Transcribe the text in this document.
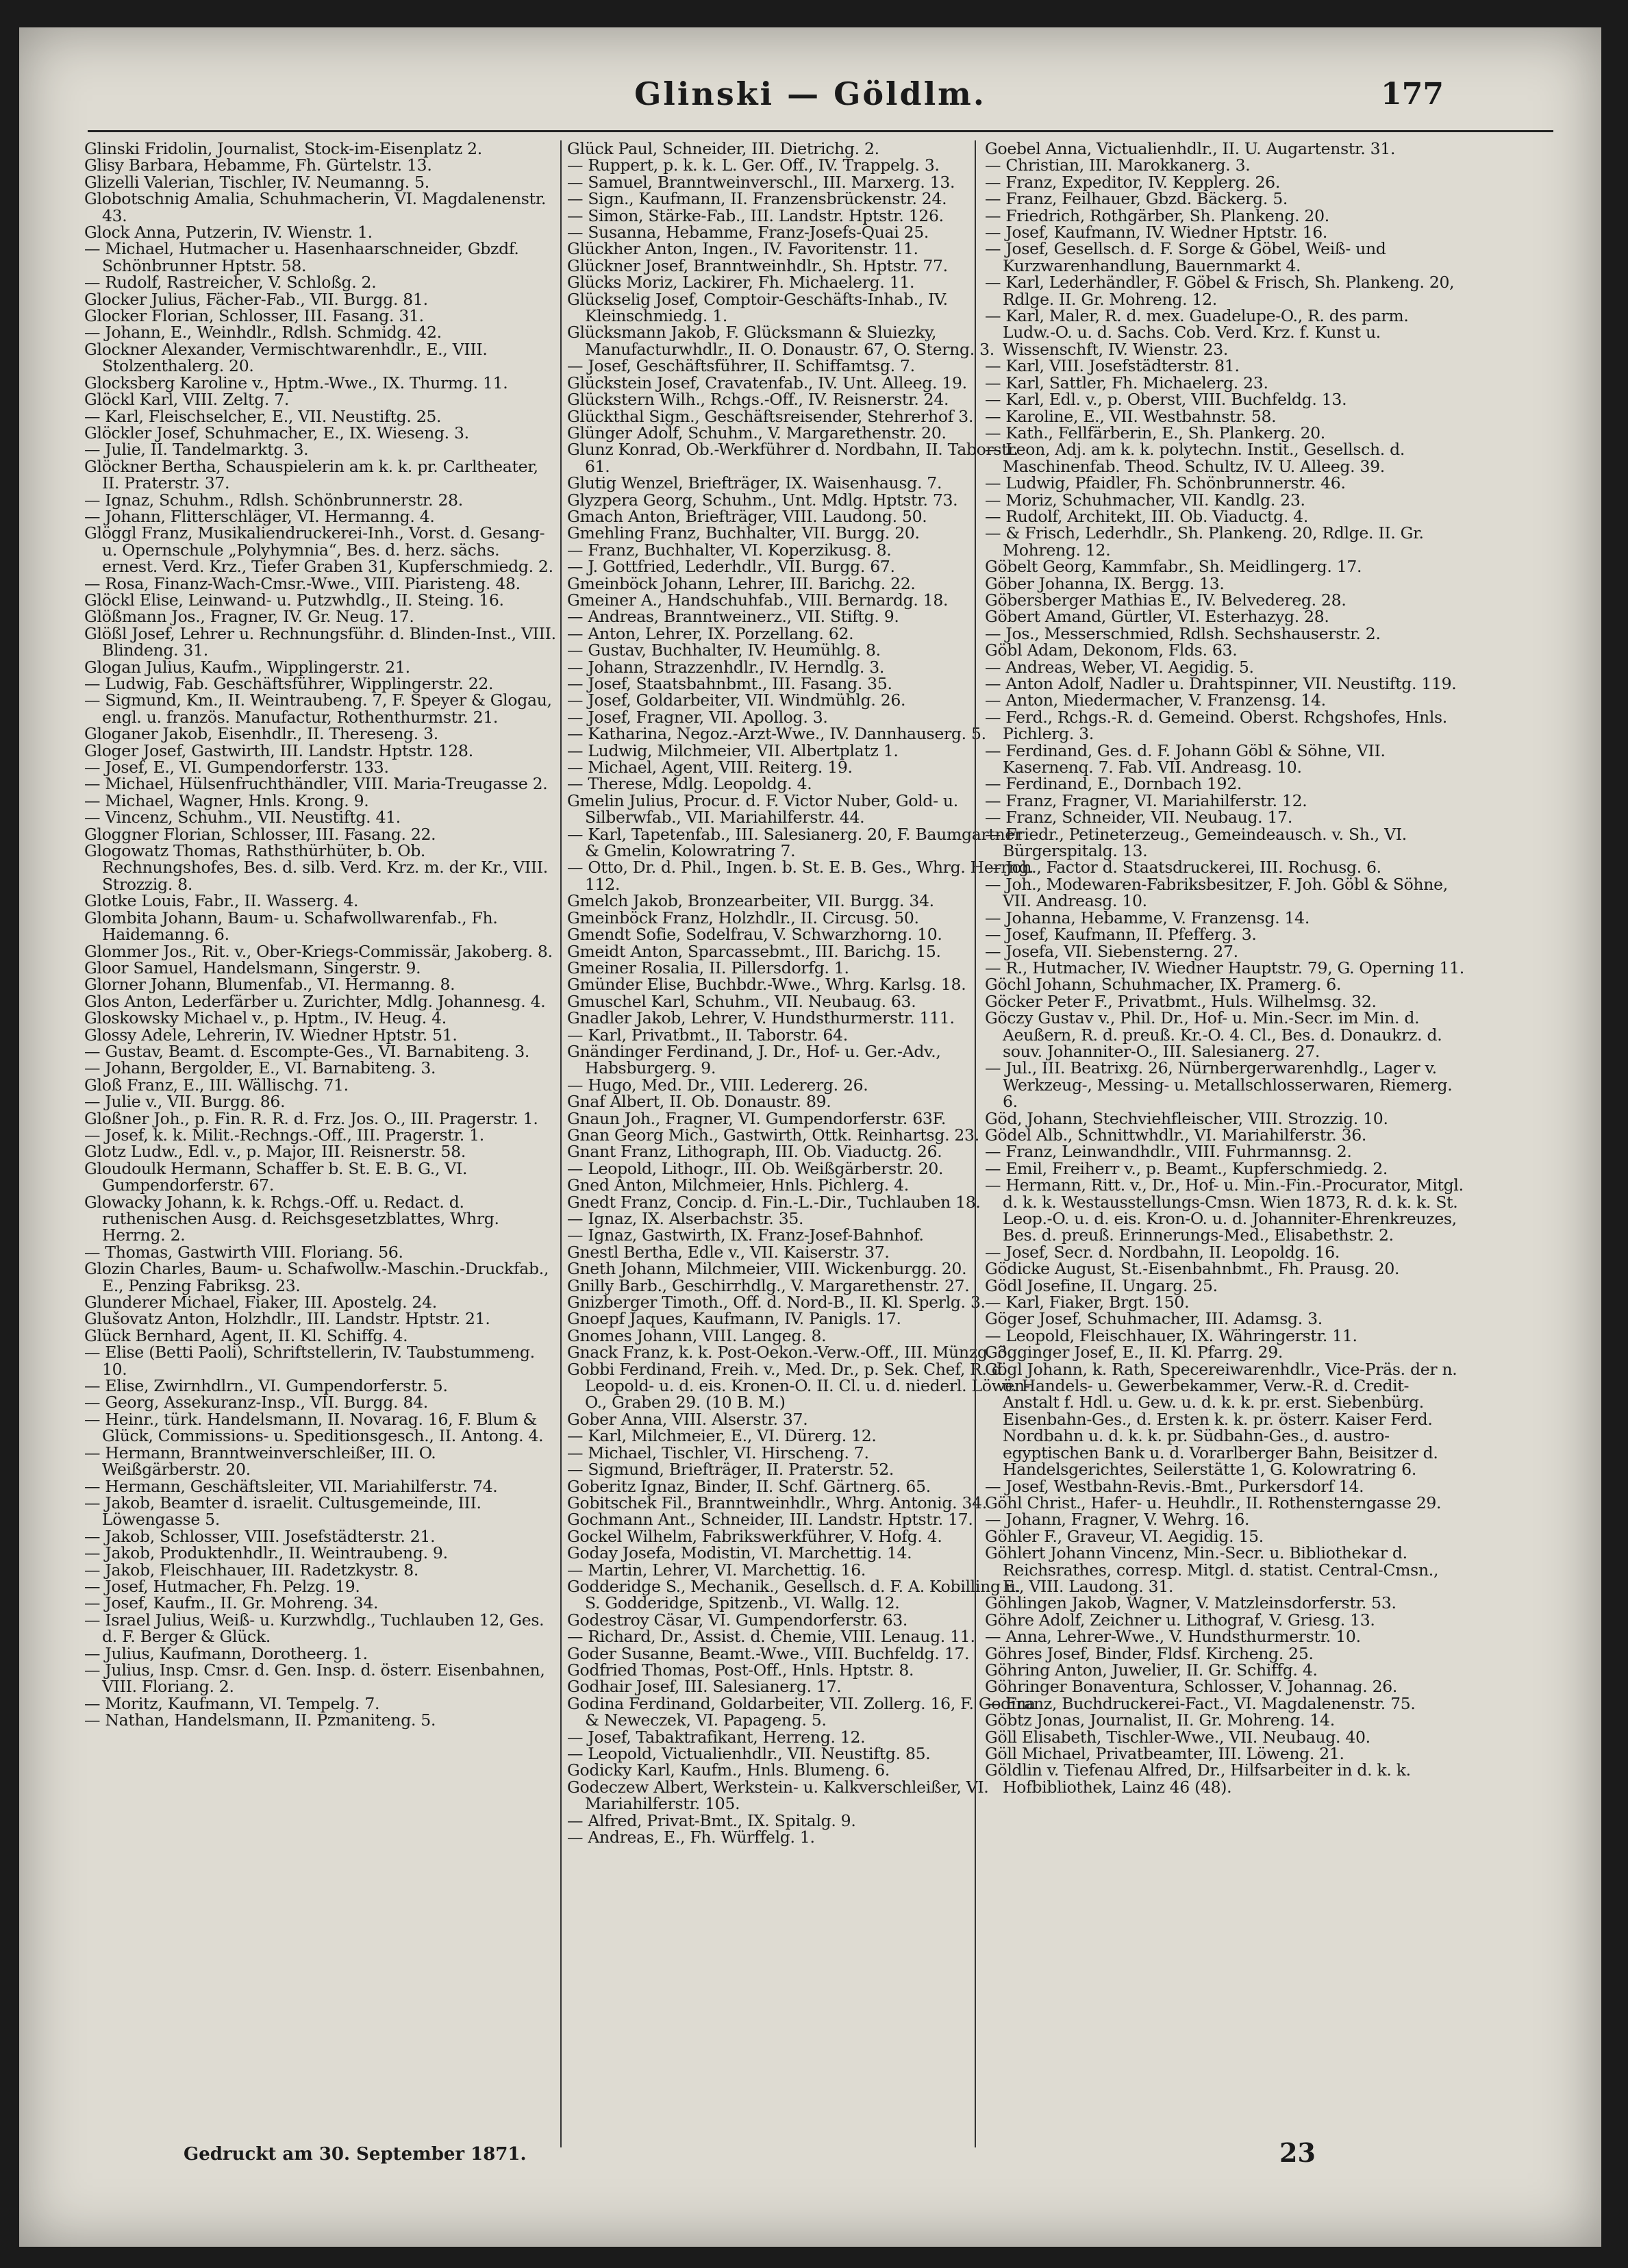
Glinski — Göldlm.	177

Glinski Fridolin, Journalist, Stock-im-Eisenplatz 2.

Glisy Barbara, Hebamme, Fh. Gürtelstr. 13.

Glizelli Valerian, Tischler, IV. Neumanng. 5.

Globotschnig Amalia, Schuhmacherin, VI. Magdalenenstr. 43.

Glock Anna, Putzerin, IV. Wienstr. 1.

— Michael, Hutmacher u. Hasenhaarschneider, Gbzdf. Schönbrunner Hptstr. 58.

— Rudolf, Rastreicher, V. Schloßg. 2.

Glocker Julius, Fächer-Fab., VII. Burgg. 81.

Glocker Florian, Schlosser, III. Fasang. 31.

— Johann, E., Weinhdlr., Rdlsh. Schmidg. 42.

Glockner Alexander, Vermischtwarenhdlr., E., VIII. Stolzenthalerg. 20.

Glocksberg Karoline v., Hptm.-Wwe., IX. Thurmg. 11.

Glöckl Karl, VIII. Zeltg. 7.

— Karl, Fleischselcher, E., VII. Neustiftg. 25.

Glöckler Josef, Schuhmacher, E., IX. Wieseng. 3.

— Julie, II. Tandelmarktg. 3.

Glöckner Bertha, Schauspielerin am k. k. pr. Carltheater, II. Praterstr. 37.

— Ignaz, Schuhm., Rdlsh. Schönbrunnerstr. 28.

— Johann, Flitterschläger, VI. Hermanng. 4.

Glöggl Franz, Musikaliendruckerei-Inh., Vorst. d. Gesang- u. Opernschule „Polyhymnia“, Bes. d. herz. sächs. ernest. Verd. Krz., Tiefer Graben 31, Kupferschmiedg. 2.

— Rosa, Finanz-Wach-Cmsr.-Wwe., VIII. Piaristeng. 48.

Glöckl Elise, Leinwand- u. Putzwhdlg., II. Steing. 16.

Glößmann Jos., Fragner, IV. Gr. Neug. 17.

Glößl Josef, Lehrer u. Rechnungsführ. d. Blinden-Inst., VIII. Blindeng. 31.

Glogan Julius, Kaufm., Wipplingerstr. 21.

— Ludwig, Fab. Geschäftsführer, Wipplingerstr. 22.

— Sigmund, Km., II. Weintraubeng. 7, F. Speyer & Glogau, engl. u. französ. Manufactur, Rothenthurmstr. 21.

Gloganer Jakob, Eisenhdlr., II. Thereseng. 3.

Gloger Josef, Gastwirth, III. Landstr. Hptstr. 128.

— Josef, E., VI. Gumpendorferstr. 133.

— Michael, Hülsenfruchthändler, VIII. Maria-Treugasse 2.

— Michael, Wagner, Hnls. Krong. 9.

— Vincenz, Schuhm., VII. Neustiftg. 41.

Gloggner Florian, Schlosser, III. Fasang. 22.

Glogowatz Thomas, Rathsthürhüter, b. Ob. Rechnungshofes, Bes. d. silb. Verd. Krz. m. der Kr., VIII. Strozzig. 8.

Glotke Louis, Fabr., II. Wasserg. 4.

Glombita Johann, Baum- u. Schafwollwarenfab., Fh. Haidemanng. 6.

Glommer Jos., Rit. v., Ober-Kriegs-Commissär, Jakoberg. 8.

Gloor Samuel, Handelsmann, Singerstr. 9.

Glorner Johann, Blumenfab., VI. Hermanng. 8.

Glos Anton, Lederfärber u. Zurichter, Mdlg. Johannesg. 4.

Gloskowsky Michael v., p. Hptm., IV. Heug. 4.

Glossy Adele, Lehrerin, IV. Wiedner Hptstr. 51.

— Gustav, Beamt. d. Escompte-Ges., VI. Barnabiteng. 3.

— Johann, Bergolder, E., VI. Barnabiteng. 3.

Gloß Franz, E., III. Wällischg. 71.

— Julie v., VII. Burgg. 86.

Gloßner Joh., p. Fin. R. R. d. Frz. Jos. O., III. Pragerstr. 1.

— Josef, k. k. Milit.-Rechngs.-Off., III. Pragerstr. 1.

Glotz Ludw., Edl. v., p. Major, III. Reisnerstr. 58.

Gloudoulk Hermann, Schaffer b. St. E. B. G., VI. Gumpendorferstr. 67.

Glowacky Johann, k. k. Rchgs.-Off. u. Redact. d. ruthenischen Ausg. d. Reichsgesetzblattes, Whrg. Herrng. 2.

— Thomas, Gastwirth VIII. Floriang. 56.

Glozin Charles, Baum- u. Schafwollw.-Maschin.-Druckfab., E., Penzing Fabriksg. 23.

Glunderer Michael, Fiaker, III. Apostelg. 24.

Glušovatz Anton, Holzhdlr., III. Landstr. Hptstr. 21.

Glück Bernhard, Agent, II. Kl. Schiffg. 4.

— Elise (Betti Paoli), Schriftstellerin, IV. Taubstummeng. 10.

— Elise, Zwirnhdlrn., VI. Gumpendorferstr. 5.

— Georg, Assekuranz-Insp., VII. Burgg. 84.

— Heinr., türk. Handelsmann, II. Novarag. 16, F. Blum & Glück, Commissions- u. Speditionsgesch., II. Antong. 4.

— Hermann, Branntweinverschleißer, III. O. Weißgärberstr. 20.

— Hermann, Geschäftsleiter, VII. Mariahilferstr. 74.

— Jakob, Beamter d. israelit. Cultusgemeinde, III. Löwengasse 5.

— Jakob, Schlosser, VIII. Josefstädterstr. 21.

— Jakob, Produktenhdlr., II. Weintraubeng. 9.

— Jakob, Fleischhauer, III. Radetzkystr. 8.

— Josef, Hutmacher, Fh. Pelzg. 19.

— Josef, Kaufm., II. Gr. Mohreng. 34.

— Israel Julius, Weiß- u. Kurzwhdlg., Tuchlauben 12, Ges. d. F. Berger & Glück.

— Julius, Kaufmann, Dorotheerg. 1.

— Julius, Insp. Cmsr. d. Gen. Insp. d. österr. Eisenbahnen, VIII. Floriang. 2.

— Moritz, Kaufmann, VI. Tempelg. 7.

— Nathan, Handelsmann, II. Pzmaniteng. 5.

Glück Paul, Schneider, III. Dietrichg. 2.

— Ruppert, p. k. k. L. Ger. Off., IV. Trappelg. 3.

— Samuel, Branntweinverschl., III. Marxerg. 13.

— Sign., Kaufmann, II. Franzensbrückenstr. 24.

— Simon, Stärke-Fab., III. Landstr. Hptstr. 126.

— Susanna, Hebamme, Franz-Josefs-Quai 25.

Glückher Anton, Ingen., IV. Favoritenstr. 11.

Glückner Josef, Branntweinhdlr., Sh. Hptstr. 77.

Glücks Moriz, Lackirer, Fh. Michaelerg. 11.

Glückselig Josef, Comptoir-Geschäfts-Inhab., IV. Kleinschmiedg. 1.

Glücksmann Jakob, F. Glücksmann & Sluiezky, Manufacturwhdlr., II. O. Donaustr. 67, O. Sterng. 3.

— Josef, Geschäftsführer, II. Schiffamtsg. 7.

Glückstein Josef, Cravatenfab., IV. Unt. Alleeg. 19.

Glückstern Wilh., Rchgs.-Off., IV. Reisnerstr. 24.

Glückthal Sigm., Geschäftsreisender, Stehrerhof 3.

Glünger Adolf, Schuhm., V. Margarethenstr. 20.

Glunz Konrad, Ob.-Werkführer d. Nordbahn, II. Taborstr. 61.

Glutig Wenzel, Briefträger, IX. Waisenhausg. 7.

Glyzpera Georg, Schuhm., Unt. Mdlg. Hptstr. 73.

Gmach Anton, Briefträger, VIII. Laudong. 50.

Gmehling Franz, Buchhalter, VII. Burgg. 20.

— Franz, Buchhalter, VI. Koperzikusg. 8.

— J. Gottfried, Lederhdlr., VII. Burgg. 67.

Gmeinböck Johann, Lehrer, III. Barichg. 22.

Gmeiner A., Handschuhfab., VIII. Bernardg. 18.

— Andreas, Branntweinerz., VII. Stiftg. 9.

— Anton, Lehrer, IX. Porzellang. 62.

— Gustav, Buchhalter, IV. Heumühlg. 8.

— Johann, Strazzenhdlr., IV. Herndlg. 3.

— Josef, Staatsbahnbmt., III. Fasang. 35.

— Josef, Goldarbeiter, VII. Windmühlg. 26.

— Josef, Fragner, VII. Apollog. 3.

— Katharina, Negoz.-Arzt-Wwe., IV. Dannhauserg. 5.

— Ludwig, Milchmeier, VII. Albertplatz 1.

— Michael, Agent, VIII. Reiterg. 19.

— Therese, Mdlg. Leopoldg. 4.

Gmelin Julius, Procur. d. F. Victor Nuber, Gold- u. Silberwfab., VII. Mariahilferstr. 44.

— Karl, Tapetenfab., III. Salesianerg. 20, F. Baumgartner & Gmelin, Kolowratring 7.

— Otto, Dr. d. Phil., Ingen. b. St. E. B. Ges., Whrg. Herrng. 112.

Gmelch Jakob, Bronzearbeiter, VII. Burgg. 34.

Gmeinböck Franz, Holzhdlr., II. Circusg. 50.

Gmendt Sofie, Sodelfrau, V. Schwarzhorng. 10.

Gmeidt Anton, Sparcassebmt., III. Barichg. 15.

Gmeiner Rosalia, II. Pillersdorfg. 1.

Gmünder Elise, Buchbdr.-Wwe., Whrg. Karlsg. 18.

Gmuschel Karl, Schuhm., VII. Neubaug. 63.

Gnadler Jakob, Lehrer, V. Hundsthurmerstr. 111.

— Karl, Privatbmt., II. Taborstr. 64.

Gnändinger Ferdinand, J. Dr., Hof- u. Ger.-Adv., Habsburgerg. 9.

— Hugo, Med. Dr., VIII. Ledererg. 26.

Gnaf Albert, II. Ob. Donaustr. 89.

Gnaun Joh., Fragner, VI. Gumpendorferstr. 63F.

Gnan Georg Mich., Gastwirth, Ottk. Reinhartsg. 23.

Gnant Franz, Lithograph, III. Ob. Viaductg. 26.

— Leopold, Lithogr., III. Ob. Weißgärberstr. 20.

Gned Anton, Milchmeier, Hnls. Pichlerg. 4.

Gnedt Franz, Concip. d. Fin.-L.-Dir., Tuchlauben 18.

— Ignaz, IX. Alserbachstr. 35.

— Ignaz, Gastwirth, IX. Franz-Josef-Bahnhof.

Gnestl Bertha, Edle v., VII. Kaiserstr. 37.

Gneth Johann, Milchmeier, VIII. Wickenburgg. 20.

Gnilly Barb., Geschirrhdlg., V. Margarethenstr. 27.

Gnizberger Timoth., Off. d. Nord-B., II. Kl. Sperlg. 3.

Gnoepf Jaques, Kaufmann, IV. Panigls. 17.

Gnomes Johann, VIII. Langeg. 8.

Gnack Franz, k. k. Post-Oekon.-Verw.-Off., III. Münzg. 3.

Gobbi Ferdinand, Freih. v., Med. Dr., p. Sek. Chef, R. d. Leopold- u. d. eis. Kronen-O. II. Cl. u. d. niederl. Löwen-O., Graben 29. (10 B. M.)

Gober Anna, VIII. Alserstr. 37.

— Karl, Milchmeier, E., VI. Dürerg. 12.

— Michael, Tischler, VI. Hirscheng. 7.

— Sigmund, Briefträger, II. Praterstr. 52.

Goberitz Ignaz, Binder, II. Schf. Gärtnerg. 65.

Gobitschek Fil., Branntweinhdlr., Whrg. Antonig. 34.

Gochmann Ant., Schneider, III. Landstr. Hptstr. 17.

Gockel Wilhelm, Fabrikswerkführer, V. Hofg. 4.

Goday Josefa, Modistin, VI. Marchettig. 14.

— Martin, Lehrer, VI. Marchettig. 16.

Godderidge S., Mechanik., Gesellsch. d. F. A. Kobilling u. S. Godderidge, Spitzenb., VI. Wallg. 12.

Godestroy Cäsar, VI. Gumpendorferstr. 63.

— Richard, Dr., Assist. d. Chemie, VIII. Lenaug. 11.

Goder Susanne, Beamt.-Wwe., VIII. Buchfeldg. 17.

Godfried Thomas, Post-Off., Hnls. Hptstr. 8.

Godhair Josef, III. Salesianerg. 17.

Godina Ferdinand, Goldarbeiter, VII. Zollerg. 16, F. Godina & Neweczek, VI. Papageng. 5.

— Josef, Tabaktrafikant, Herreng. 12.

— Leopold, Victualienhdlr., VII. Neustiftg. 85.

Godicky Karl, Kaufm., Hnls. Blumeng. 6.

Godeczew Albert, Werkstein- u. Kalkverschleißer, VI. Mariahilferstr. 105.

— Alfred, Privat-Bmt., IX. Spitalg. 9.

— Andreas, E., Fh. Würffelg. 1.

Goebel Anna, Victualienhdlr., II. U. Augartenstr. 31.

— Christian, III. Marokkanerg. 3.

— Franz, Expeditor, IV. Kepplerg. 26.

— Franz, Feilhauer, Gbzd. Bäckerg. 5.

— Friedrich, Rothgärber, Sh. Plankeng. 20.

— Josef, Kaufmann, IV. Wiedner Hptstr. 16.

— Josef, Gesellsch. d. F. Sorge & Göbel, Weiß- und Kurzwarenhandlung, Bauernmarkt 4.

— Karl, Lederhändler, F. Göbel & Frisch, Sh. Plankeng. 20, Rdlge. II. Gr. Mohreng. 12.

— Karl, Maler, R. d. mex. Guadelupe-O., R. des parm. Ludw.-O. u. d. Sachs. Cob. Verd. Krz. f. Kunst u. Wissenschft, IV. Wienstr. 23.

— Karl, VIII. Josefstädterstr. 81.

— Karl, Sattler, Fh. Michaelerg. 23.

— Karl, Edl. v., p. Oberst, VIII. Buchfeldg. 13.

— Karoline, E., VII. Westbahnstr. 58.

— Kath., Fellfärberin, E., Sh. Plankerg. 20.

— Leon, Adj. am k. k. polytechn. Instit., Gesellsch. d. Maschinenfab. Theod. Schultz, IV. U. Alleeg. 39.

— Ludwig, Pfaidler, Fh. Schönbrunnerstr. 46.

— Moriz, Schuhmacher, VII. Kandlg. 23.

— Rudolf, Architekt, III. Ob. Viaductg. 4.

— & Frisch, Lederhdlr., Sh. Plankeng. 20, Rdlge. II. Gr. Mohreng. 12.

Göbelt Georg, Kammfabr., Sh. Meidlingerg. 17.

Göber Johanna, IX. Bergg. 13.

Göbersberger Mathias E., IV. Belvedereg. 28.

Göbert Amand, Gürtler, VI. Esterhazyg. 28.

— Jos., Messerschmied, Rdlsh. Sechshauserstr. 2.

Göbl Adam, Dekonom, Flds. 63.

— Andreas, Weber, VI. Aegidig. 5.

— Anton Adolf, Nadler u. Drahtspinner, VII. Neustiftg. 119.

— Anton, Miedermacher, V. Franzensg. 14.

— Ferd., Rchgs.-R. d. Gemeind. Oberst. Rchgshofes, Hnls. Pichlerg. 3.

— Ferdinand, Ges. d. F. Johann Göbl & Söhne, VII. Kasernenq. 7. Fab. VII. Andreasg. 10.

— Ferdinand, E., Dornbach 192.

— Franz, Fragner, VI. Mariahilferstr. 12.

— Franz, Schneider, VII. Neubaug. 17.

— Friedr., Petineterzeug., Gemeindeausch. v. Sh., VI. Bürgerspitalg. 13.

— Joh., Factor d. Staatsdruckerei, III. Rochusg. 6.

— Joh., Modewaren-Fabriksbesitzer, F. Joh. Göbl & Söhne, VII. Andreasg. 10.

— Johanna, Hebamme, V. Franzensg. 14.

— Josef, Kaufmann, II. Pfefferg. 3.

— Josefa, VII. Siebensterng. 27.

— R., Hutmacher, IV. Wiedner Hauptstr. 79, G. Operning 11.

Göchl Johann, Schuhmacher, IX. Pramerg. 6.

Göcker Peter F., Privatbmt., Huls. Wilhelmsg. 32.

Göczy Gustav v., Phil. Dr., Hof- u. Min.-Secr. im Min. d. Aeußern, R. d. preuß. Kr.-O. 4. Cl., Bes. d. Donaukrz. d. souv. Johanniter-O., III. Salesianerg. 27.

— Jul., III. Beatrixg. 26, Nürnbergerwarenhdlg., Lager v. Werkzeug-, Messing- u. Metallschlosserwaren, Riemerg. 6.

Göd, Johann, Stechviehfleischer, VIII. Strozzig. 10.

Gödel Alb., Schnittwhdlr., VI. Mariahilferstr. 36.

— Franz, Leinwandhdlr., VIII. Fuhrmannsg. 2.

— Emil, Freiherr v., p. Beamt., Kupferschmiedg. 2.

— Hermann, Ritt. v., Dr., Hof- u. Min.-Fin.-Procurator, Mitgl. d. k. k. Westausstellungs-Cmsn. Wien 1873, R. d. k. k. St. Leop.-O. u. d. eis. Kron-O. u. d. Johanniter-Ehrenkreuzes, Bes. d. preuß. Erinnerungs-Med., Elisabethstr. 2.

— Josef, Secr. d. Nordbahn, II. Leopoldg. 16.

Gödicke August, St.-Eisenbahnbmt., Fh. Prausg. 20.

Gödl Josefine, II. Ungarg. 25.

— Karl, Fiaker, Brgt. 150.

Göger Josef, Schuhmacher, III. Adamsg. 3.

— Leopold, Fleischhauer, IX. Währingerstr. 11.

Gögginger Josef, E., II. Kl. Pfarrg. 29.

Gögl Johann, k. Rath, Specereiwarenhdlr., Vice-Präs. der n. ö. Handels- u. Gewerbekammer, Verw.-R. d. Credit-Anstalt f. Hdl. u. Gew. u. d. k. k. pr. erst. Siebenbürg. Eisenbahn-Ges., d. Ersten k. k. pr. österr. Kaiser Ferd. Nordbahn u. d. k. k. pr. Südbahn-Ges., d. austro-egyptischen Bank u. d. Vorarlberger Bahn, Beisitzer d. Handelsgerichtes, Seilerstätte 1, G. Kolowratring 6.

— Josef, Westbahn-Revis.-Bmt., Purkersdorf 14.

Göhl Christ., Hafer- u. Heuhdlr., II. Rothensterngasse 29.

— Johann, Fragner, V. Wehrg. 16.

Göhler F., Graveur, VI. Aegidig. 15.

Göhlert Johann Vincenz, Min.-Secr. u. Bibliothekar d. Reichsrathes, corresp. Mitgl. d. statist. Central-Cmsn., E., VIII. Laudong. 31.

Göhlingen Jakob, Wagner, V. Matzleinsdorferstr. 53.

Göhre Adolf, Zeichner u. Lithograf, V. Griesg. 13.

— Anna, Lehrer-Wwe., V. Hundsthurmerstr. 10.

Göhres Josef, Binder, Fldsf. Kircheng. 25.

Göhring Anton, Juwelier, II. Gr. Schiffg. 4.

Göhringer Bonaventura, Schlosser, V. Johannag. 26.

— Franz, Buchdruckerei-Fact., VI. Magdalenenstr. 75.

Göbtz Jonas, Journalist, II. Gr. Mohreng. 14.

Göll Elisabeth, Tischler-Wwe., VII. Neubaug. 40.

Göll Michael, Privatbeamter, III. Löweng. 21.

Göldlin v. Tiefenau Alfred, Dr., Hilfsarbeiter in d. k. k. Hofbibliothek, Lainz 46 (48).

Gedruckt am 30. September 1871.	23
